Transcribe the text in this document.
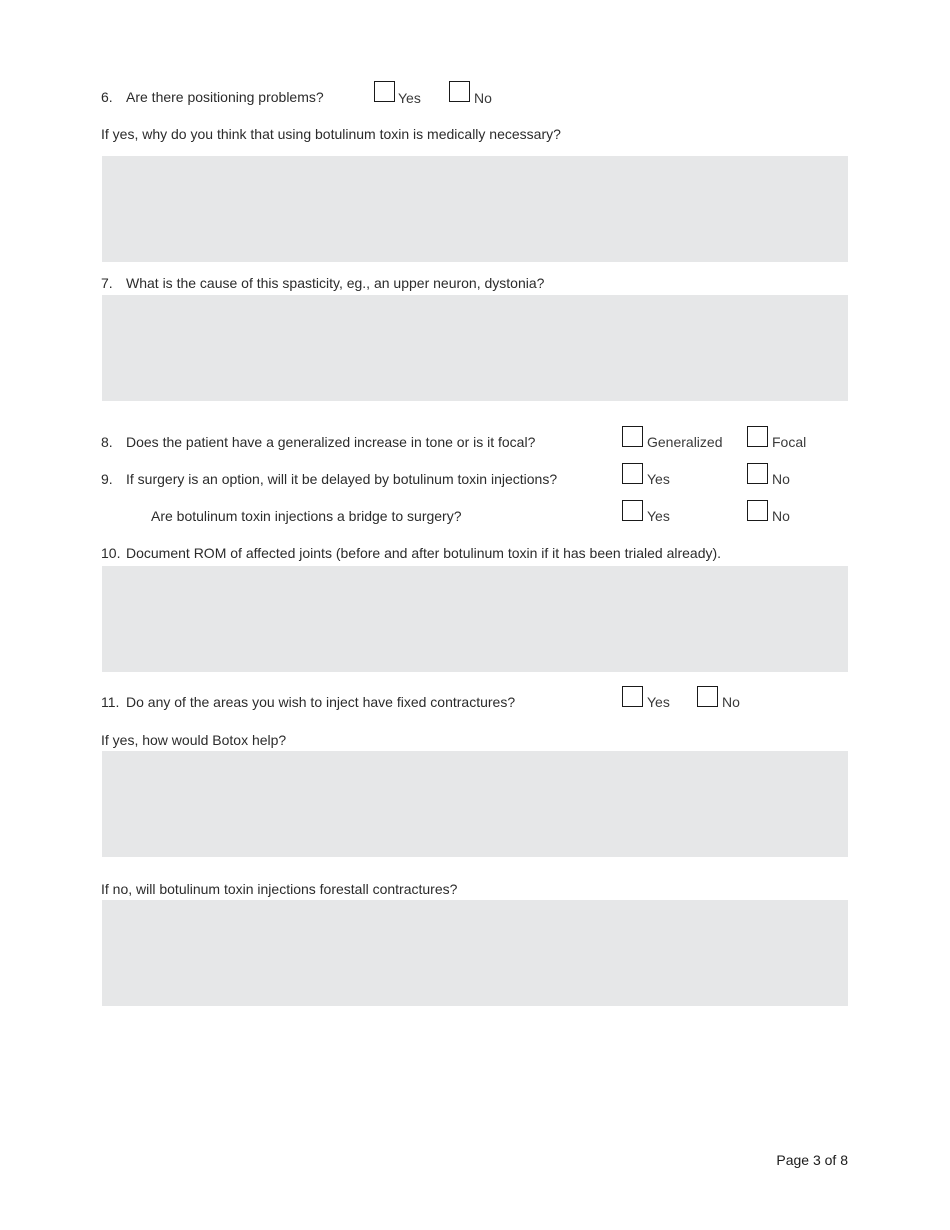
6. Are there positioning problems?	Yes	No
If yes, why do you think that using botulinum toxin is medically necessary?
7. What is the cause of this spasticity, eg., an upper neuron, dystonia?
8. Does the patient have a generalized increase in tone or is it focal?	Generalized	Focal
9. If surgery is an option, will it be delayed by botulinum toxin injections?	Yes	No
Are botulinum toxin injections a bridge to surgery?	Yes	No
10. Document ROM of affected joints (before and after botulinum toxin if it has been trialed already).
11. Do any of the areas you wish to inject have fixed contractures?	Yes	No
If yes, how would Botox help?
If no, will botulinum toxin injections forestall contractures?
Page 3 of 8
